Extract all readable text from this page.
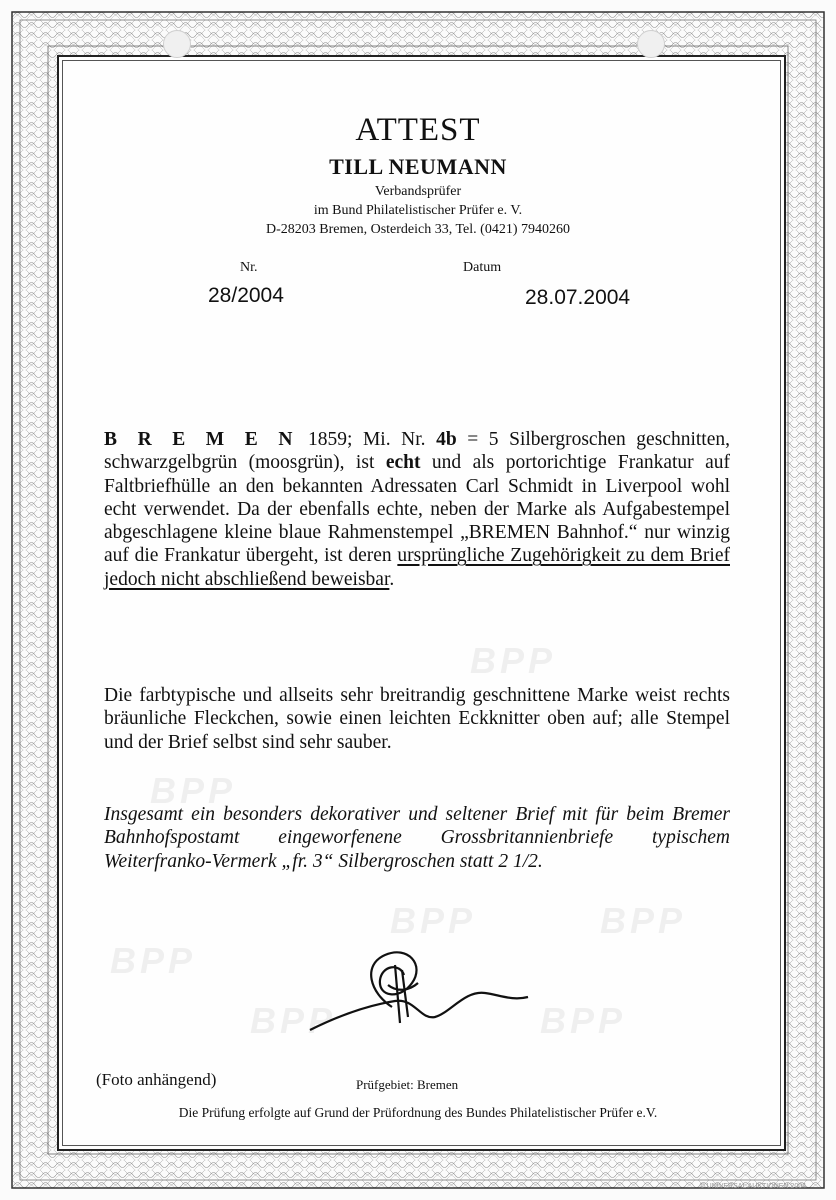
BPP
BPP
BPP	BPP
BPP
BPP	BPP
ATTEST
TILL NEUMANN
Verbandsprüfer
im Bund Philatelistischer Prüfer e. V.
D-28203 Bremen, Osterdeich 33, Tel. (0421) 7940260
Nr.
28/2004
Datum
28.07.2004

B R E M E N 1859; Mi. Nr. 4b = 5 Silbergroschen geschnitten, schwarzgelbgrün (moosgrün), ist echt und als portorichtige Frankatur auf Faltbriefhülle an den bekannten Adressaten Carl Schmidt in Liverpool wohl echt verwendet. Da der ebenfalls echte, neben der Marke als Aufgabestempel abgeschlagene kleine blaue Rahmenstempel „BREMEN Bahnhof.“ nur winzig auf die Frankatur übergeht, ist deren ursprüngliche Zugehörigkeit zu dem Brief jedoch nicht abschließend beweisbar.

Die farbtypische und allseits sehr breitrandig geschnittene Marke weist rechts bräunliche Fleckchen, sowie einen leichten Eckknitter oben auf; alle Stempel und der Brief selbst sind sehr sauber.

Insgesamt ein besonders dekorativer und seltener Brief mit für beim Bremer Bahnhofspostamt eingeworfenene Grossbritannienbriefe typischem Weiterfranko-Vermerk „fr. 3“ Silbergroschen statt 2 1/2.

(Foto anhängend)	Prüfgebiet: Bremen
Die Prüfung erfolgte auf Grund der Prüfordnung des Bundes Philatelistischer Prüfer e.V.
© UNIVERSAL AUKTIONEN 2004
